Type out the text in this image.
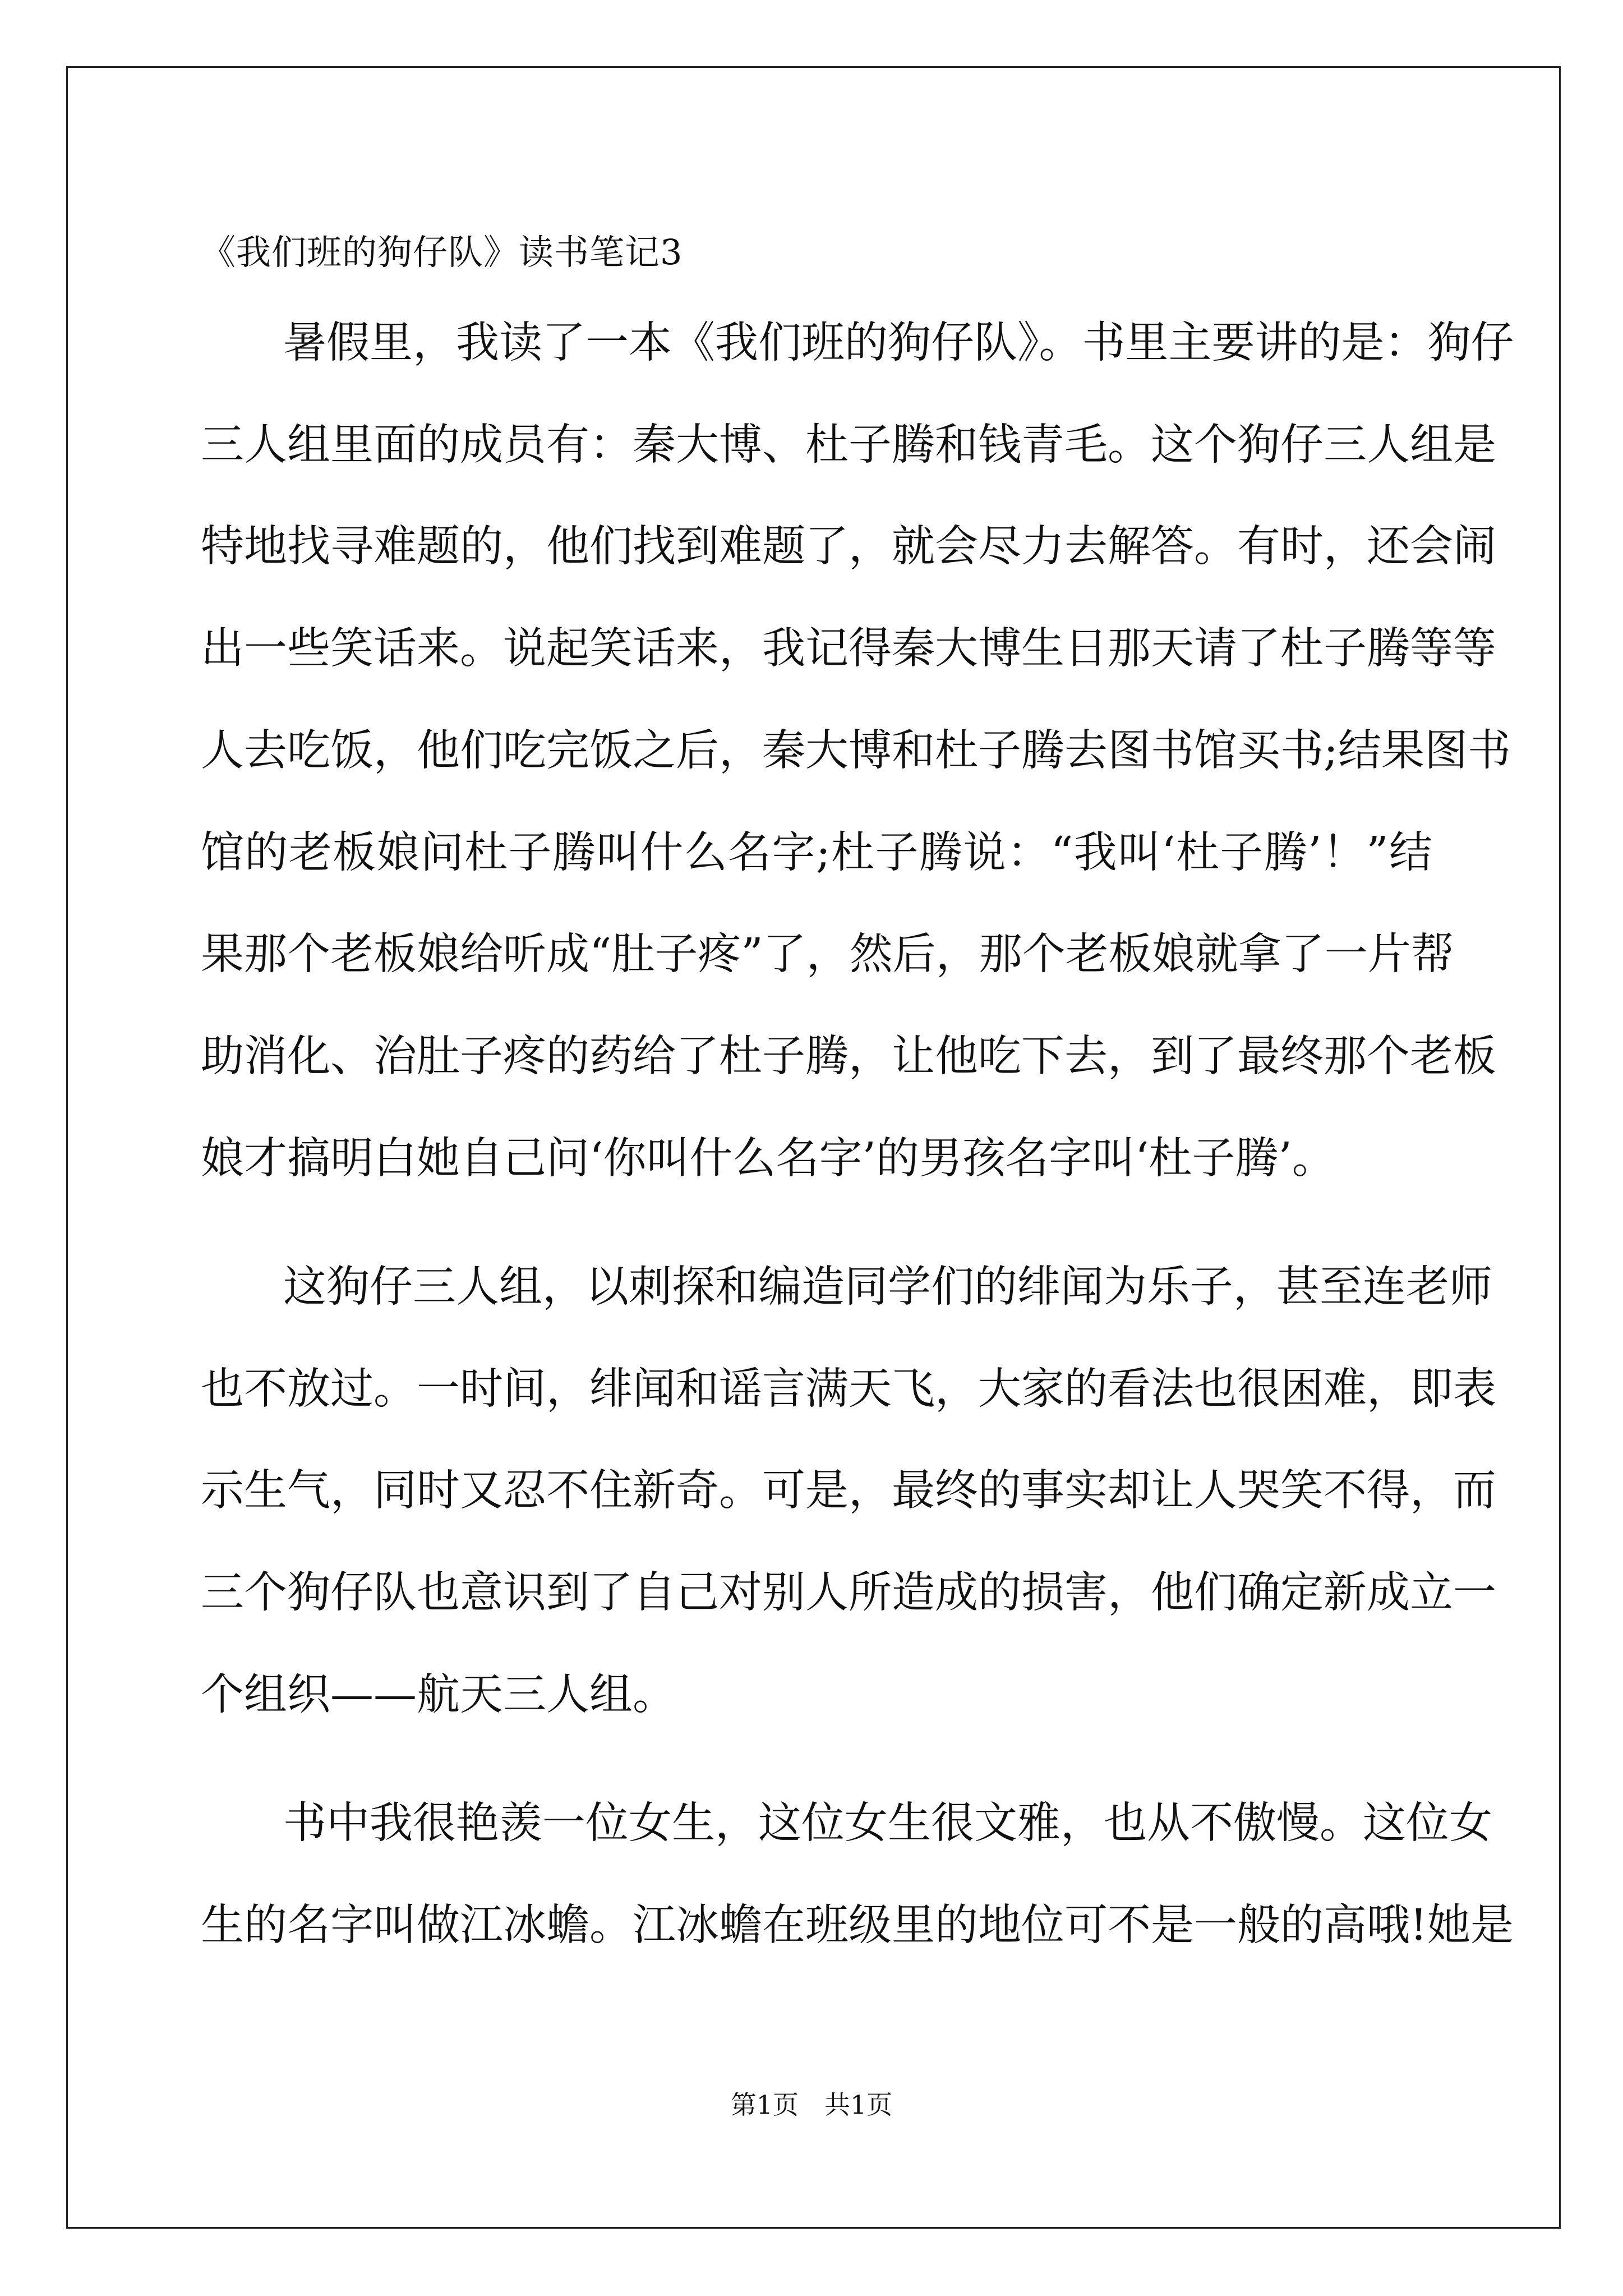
《我们班的狗仔队》读书笔记3
暑假里，我读了一本《我们班的狗仔队》。书里主要讲的是：狗仔
三人组里面的成员有：秦大博、杜子腾和钱青毛。这个狗仔三人组是
特地找寻难题的，他们找到难题了，就会尽力去解答。有时，还会闹
出一些笑话来。说起笑话来，我记得秦大博生日那天请了杜子腾等等
人去吃饭，他们吃完饭之后，秦大博和杜子腾去图书馆买书;结果图书
馆的老板娘问杜子腾叫什么名字;杜子腾说：“我叫‘杜子腾’！”结
果那个老板娘给听成“肚子疼”了，然后，那个老板娘就拿了一片帮
助消化、治肚子疼的药给了杜子腾，让他吃下去，到了最终那个老板
娘才搞明白她自己问‘你叫什么名字’的男孩名字叫‘杜子腾’。
这狗仔三人组，以刺探和编造同学们的绯闻为乐子，甚至连老师
也不放过。一时间，绯闻和谣言满天飞，大家的看法也很困难，即表
示生气，同时又忍不住新奇。可是，最终的事实却让人哭笑不得，而
三个狗仔队也意识到了自己对别人所造成的损害，他们确定新成立一
个组织——航天三人组。
书中我很艳羡一位女生，这位女生很文雅，也从不傲慢。这位女
生的名字叫做江冰蟾。江冰蟾在班级里的地位可不是一般的高哦!她是
第1页　共1页
